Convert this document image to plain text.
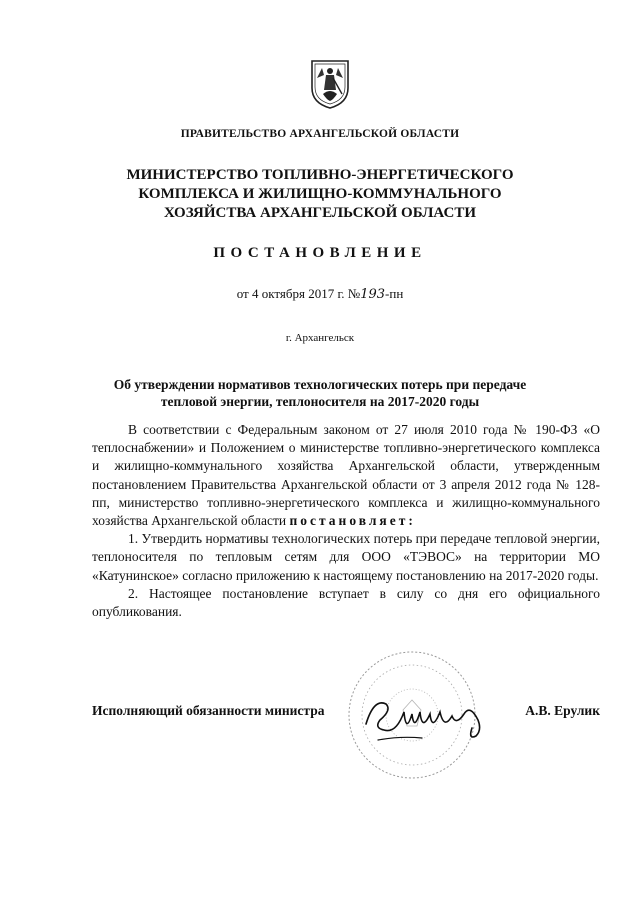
ПРАВИТЕЛЬСТВО АРХАНГЕЛЬСКОЙ ОБЛАСТИ
МИНИСТЕРСТВО ТОПЛИВНО-ЭНЕРГЕТИЧЕСКОГО
КОМПЛЕКСА И ЖИЛИЩНО-КОММУНАЛЬНОГО
ХОЗЯЙСТВА АРХАНГЕЛЬСКОЙ ОБЛАСТИ
ПОСТАНОВЛЕНИЕ
от 4 октября 2017 г. №193-пн
г. Архангельск
Об утверждении нормативов технологических потерь при передаче
тепловой энергии, теплоносителя на 2017-2020 годы

В соответствии с Федеральным законом от 27 июля 2010 года № 190-ФЗ «О теплоснабжении» и Положением о министерстве топливно-энергетического комплекса и жилищно-коммунального хозяйства Архангельской области, утвержденным постановлением Правительства Архангельской области от 3 апреля 2012 года № 128-пп, министерство топливно-энергетического комплекса и жилищно-коммунального хозяйства Архангельской области постановляет:

1. Утвердить нормативы технологических потерь при передаче тепловой энергии, теплоносителя по тепловым сетям для ООО «ТЭВОС» на территории МО «Катунинское» согласно приложению к настоящему постановлению на 2017-2020 годы.

2. Настоящее постановление вступает в силу со дня его официального опубликования.

Исполняющий обязанности министра	А.В. Ерулик
